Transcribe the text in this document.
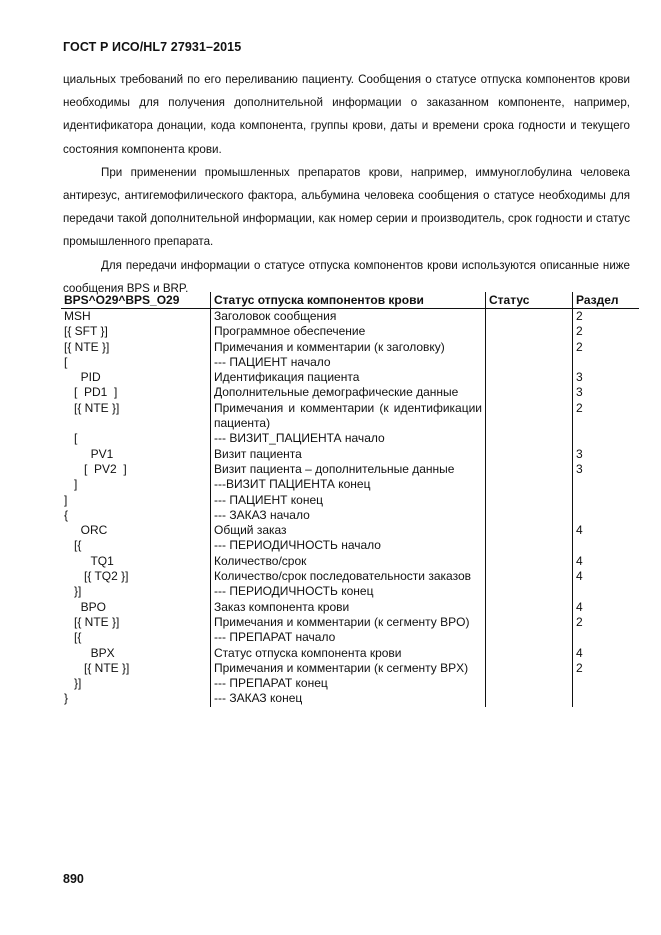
ГОСТ Р ИСО/HL7 27931–2015

циальных требований по его переливанию пациенту. Сообщения о статусе отпуска компонентов крови необходимы для получения дополнительной информации о заказанном компоненте, например, идентификатора донации, кода компонента, группы крови, даты и времени срока годности и текущего состояния компонента крови.

При применении промышленных препаратов крови, например, иммуноглобулина человека антирезус, антигемофилического фактора, альбумина человека сообщения о статусе необходимы для передачи такой дополнительной информации, как номер серии и производитель, срок годности и статус промышленного препарата.

Для передачи информации о статусе отпуска компонентов крови используются описанные ниже сообщения BPS и BRP.

BPS^O29^BPS_O29	Статус отпуска компонентов крови	Статус	Раздел
MSH	Заголовок сообщения		2
[{ SFT }]	Программное обеспечение		2
[{ NTE }]	Примечания и комментарии (к заголовку)		2
[	--- ПАЦИЕНТ начало		
PID	Идентификация пациента		3
[  PD1  ]	Дополнительные демографические данные		3
[{ NTE }]	Примечания и комментарии (к идентификации пациента)		2
[	--- ВИЗИТ_ПАЦИЕНТА начало		
PV1	Визит пациента		3
[  PV2  ]	Визит пациента – дополнительные данные		3
]	---ВИЗИТ ПАЦИЕНТА конец		
]	--- ПАЦИЕНТ конец		
{	--- ЗАКАЗ начало		
ORC	Общий заказ		4
[{	--- ПЕРИОДИЧНОСТЬ начало		
TQ1	Количество/срок		4
[{ TQ2 }]	Количество/срок последовательности заказов		4
}]	--- ПЕРИОДИЧНОСТЬ конец		
BPO	Заказ компонента крови		4
[{ NTE }]	Примечания и комментарии (к сегменту BPO)		2
[{	--- ПРЕПАРАТ начало		
BPX	Статус отпуска компонента крови		4
[{ NTE }]	Примечания и комментарии (к сегменту BPX)		2
}]	--- ПРЕПАРАТ конец		
}	--- ЗАКАЗ конец		
890
